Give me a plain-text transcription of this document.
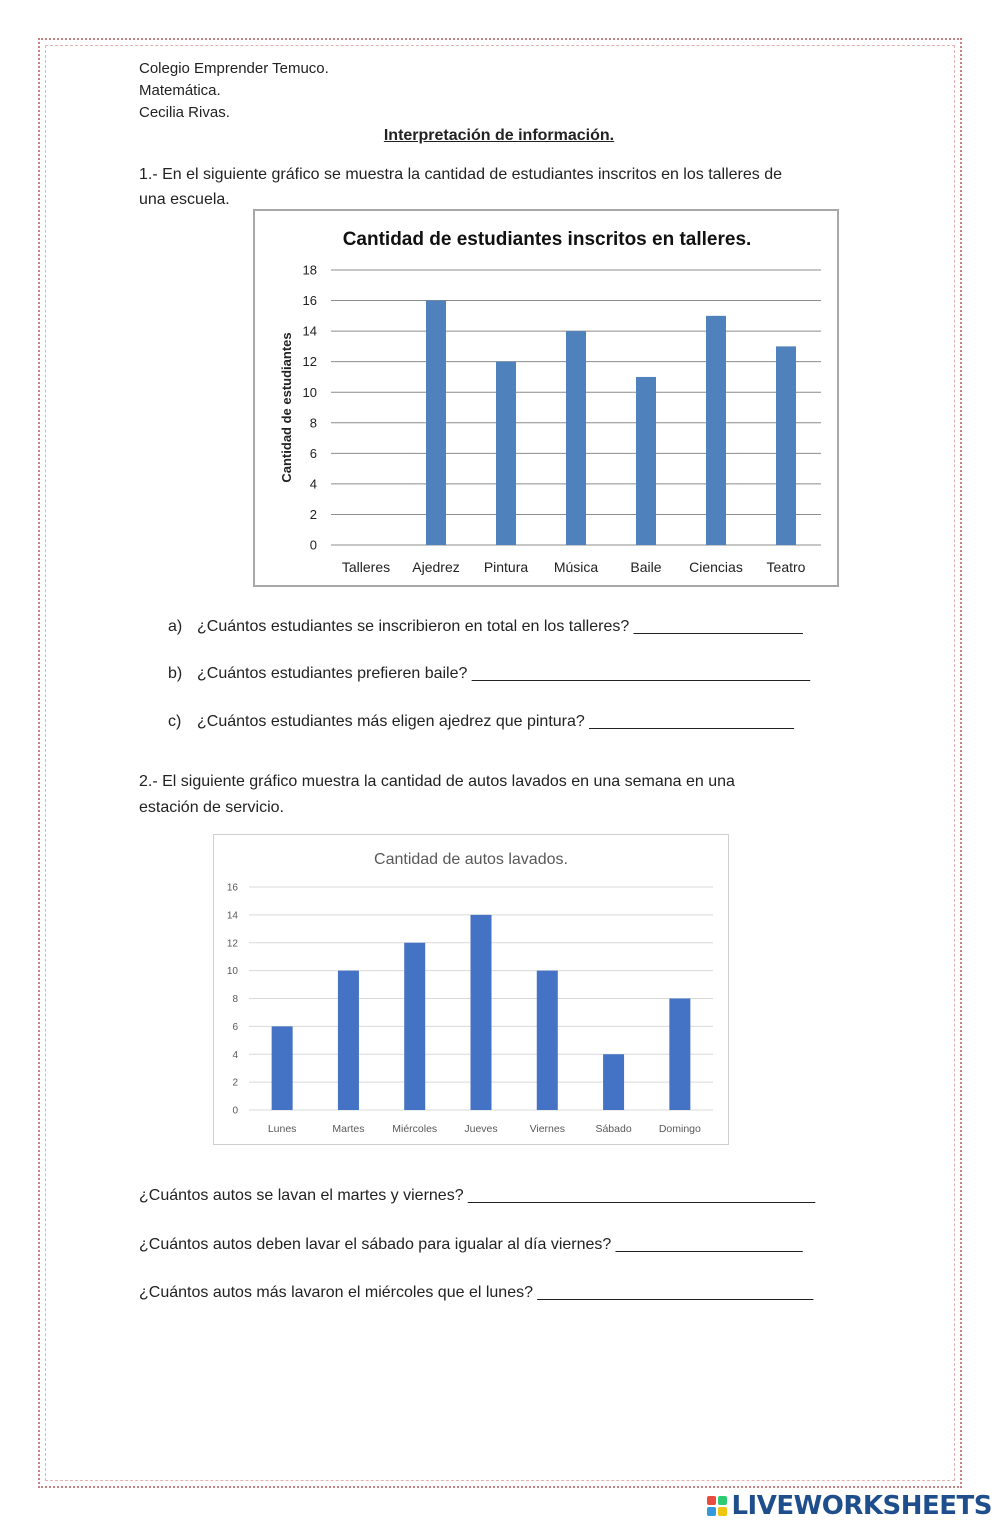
Colegio Emprender Temuco.
Matemática.
Cecilia Rivas.
Interpretación de información.
1.- En el siguiente gráfico se muestra la cantidad de estudiantes inscritos en los talleres de
una escuela.
Cantidad de estudiantes inscritos en talleres.
0
2
4
6
8
10
12
14
16
18
Talleres Ajedrez Pintura Música Baile Ciencias Teatro
Cantidad de estudiantes
a) ¿Cuántos estudiantes se inscribieron en total en los talleres? ___________________
b) ¿Cuántos estudiantes prefieren baile? ______________________________________
c) ¿Cuántos estudiantes más eligen ajedrez que pintura? _______________________
2.- El siguiente gráfico muestra la cantidad de autos lavados en una semana en una
estación de servicio.
Cantidad de autos lavados.
0
2
4
6
8
10
12
14
16
Lunes	Martes	Miércoles	Jueves	Viernes	Sábado	Domingo
¿Cuántos autos se lavan el martes y viernes? _______________________________________
¿Cuántos autos deben lavar el sábado para igualar al día viernes? _____________________
¿Cuántos autos más lavaron el miércoles que el lunes? _______________________________
LIVEWORKSHEETS
